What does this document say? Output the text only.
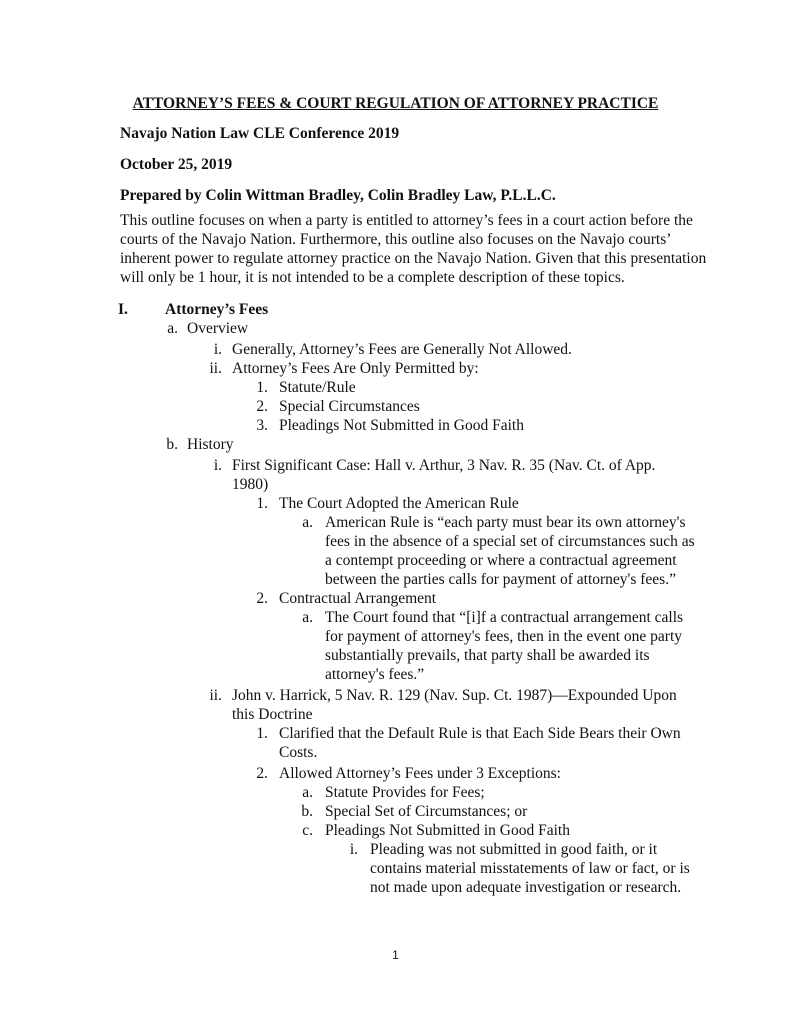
ATTORNEY’S FEES & COURT REGULATION OF ATTORNEY PRACTICE
Navajo Nation Law CLE Conference 2019
October 25, 2019
Prepared by Colin Wittman Bradley, Colin Bradley Law, P.L.L.C.
This outline focuses on when a party is entitled to attorney’s fees in a court action before the
courts of the Navajo Nation. Furthermore, this outline also focuses on the Navajo courts’
inherent power to regulate attorney practice on the Navajo Nation. Given that this presentation
will only be 1 hour, it is not intended to be a complete description of these topics.
I.	Attorney’s Fees
a. Overview
i. Generally, Attorney’s Fees are Generally Not Allowed.
ii. Attorney’s Fees Are Only Permitted by:
1. Statute/Rule
2. Special Circumstances
3. Pleadings Not Submitted in Good Faith
b. History
i. First Significant Case: Hall v. Arthur, 3 Nav. R. 35 (Nav. Ct. of App.
1980)
1. The Court Adopted the American Rule
a. American Rule is “each party must bear its own attorney's
fees in the absence of a special set of circumstances such as
a contempt proceeding or where a contractual agreement
between the parties calls for payment of attorney's fees.”
2. Contractual Arrangement
a. The Court found that “[i]f a contractual arrangement calls
for payment of attorney's fees, then in the event one party
substantially prevails, that party shall be awarded its
attorney's fees.”
ii. John v. Harrick, 5 Nav. R. 129 (Nav. Sup. Ct. 1987)—Expounded Upon
this Doctrine
1. Clarified that the Default Rule is that Each Side Bears their Own
Costs.
2. Allowed Attorney’s Fees under 3 Exceptions:
a. Statute Provides for Fees;
b. Special Set of Circumstances; or
c. Pleadings Not Submitted in Good Faith
i. Pleading was not submitted in good faith, or it
contains material misstatements of law or fact, or is
not made upon adequate investigation or research.
1
